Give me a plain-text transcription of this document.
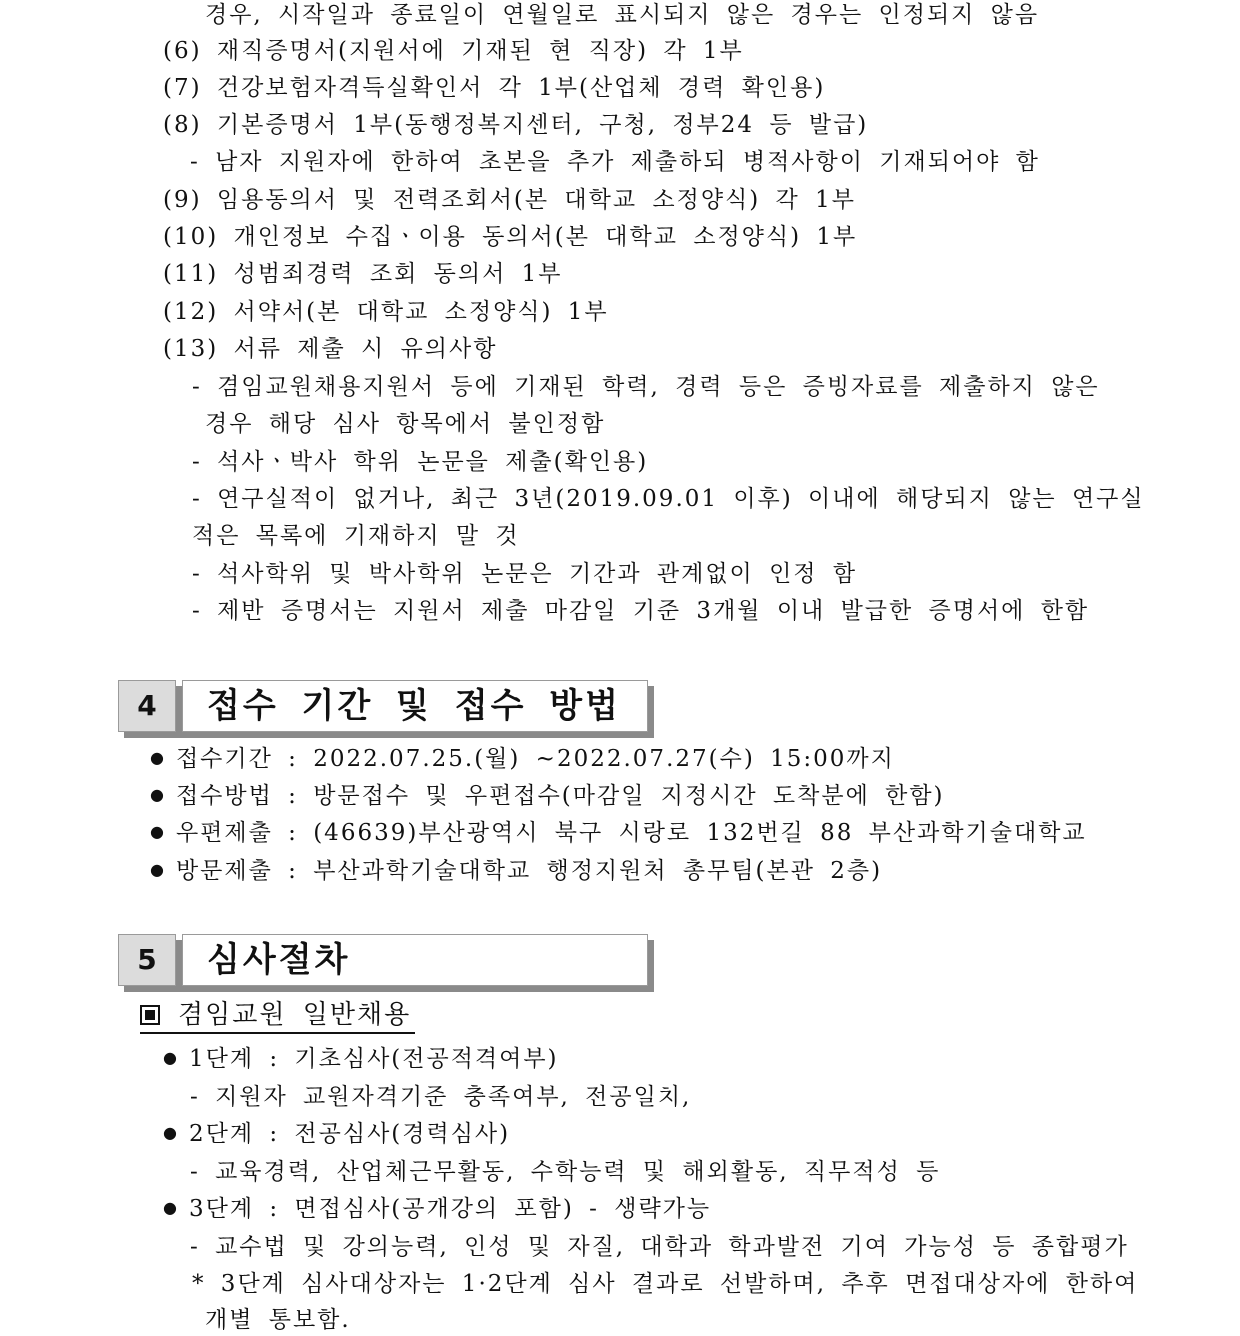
경우, 시작일과 종료일이 연월일로 표시되지 않은 경우는 인정되지 않음
(6) 재직증명서(지원서에 기재된 현 직장) 각 1부
(7) 건강보험자격득실확인서 각 1부(산업체 경력 확인용)
(8) 기본증명서 1부(동행정복지센터, 구청, 정부24 등 발급)
- 남자 지원자에 한하여 초본을 추가 제출하되 병적사항이 기재되어야 함
(9) 임용동의서 및 전력조회서(본 대학교 소정양식) 각 1부
(10) 개인정보 수집ㆍ이용 동의서(본 대학교 소정양식) 1부
(11) 성범죄경력 조회 동의서 1부
(12) 서약서(본 대학교 소정양식) 1부
(13) 서류 제출 시 유의사항
- 겸임교원채용지원서 등에 기재된 학력, 경력 등은 증빙자료를 제출하지 않은
경우 해당 심사 항목에서 불인정함
- 석사ㆍ박사 학위 논문을 제출(확인용)
- 연구실적이 없거나, 최근 3년(2019.09.01 이후) 이내에 해당되지 않는 연구실
적은 목록에 기재하지 말 것
- 석사학위 및 박사학위 논문은 기간과 관계없이 인정 함
- 제반 증명서는 지원서 제출 마감일 기준 3개월 이내 발급한 증명서에 한함
4	접수 기간 및 접수 방법
● 접수기간 : 2022.07.25.(월) ~2022.07.27(수) 15:00까지
● 접수방법 : 방문접수 및 우편접수(마감일 지정시간 도착분에 한함)
● 우편제출 : (46639)부산광역시 북구 시랑로 132번길 88 부산과학기술대학교
● 방문제출 : 부산과학기술대학교 행정지원처 총무팀(본관 2층)
5	심사절차
겸임교원 일반채용
● 1단계 : 기초심사(전공적격여부)
- 지원자 교원자격기준 충족여부, 전공일치,
● 2단계 : 전공심사(경력심사)
- 교육경력, 산업체근무활동, 수학능력 및 해외활동, 직무적성 등
● 3단계 : 면접심사(공개강의 포함) - 생략가능
- 교수법 및 강의능력, 인성 및 자질, 대학과 학과발전 기여 가능성 등 종합평가
* 3단계 심사대상자는 1·2단계 심사 결과로 선발하며, 추후 면접대상자에 한하여
개별 통보함.
